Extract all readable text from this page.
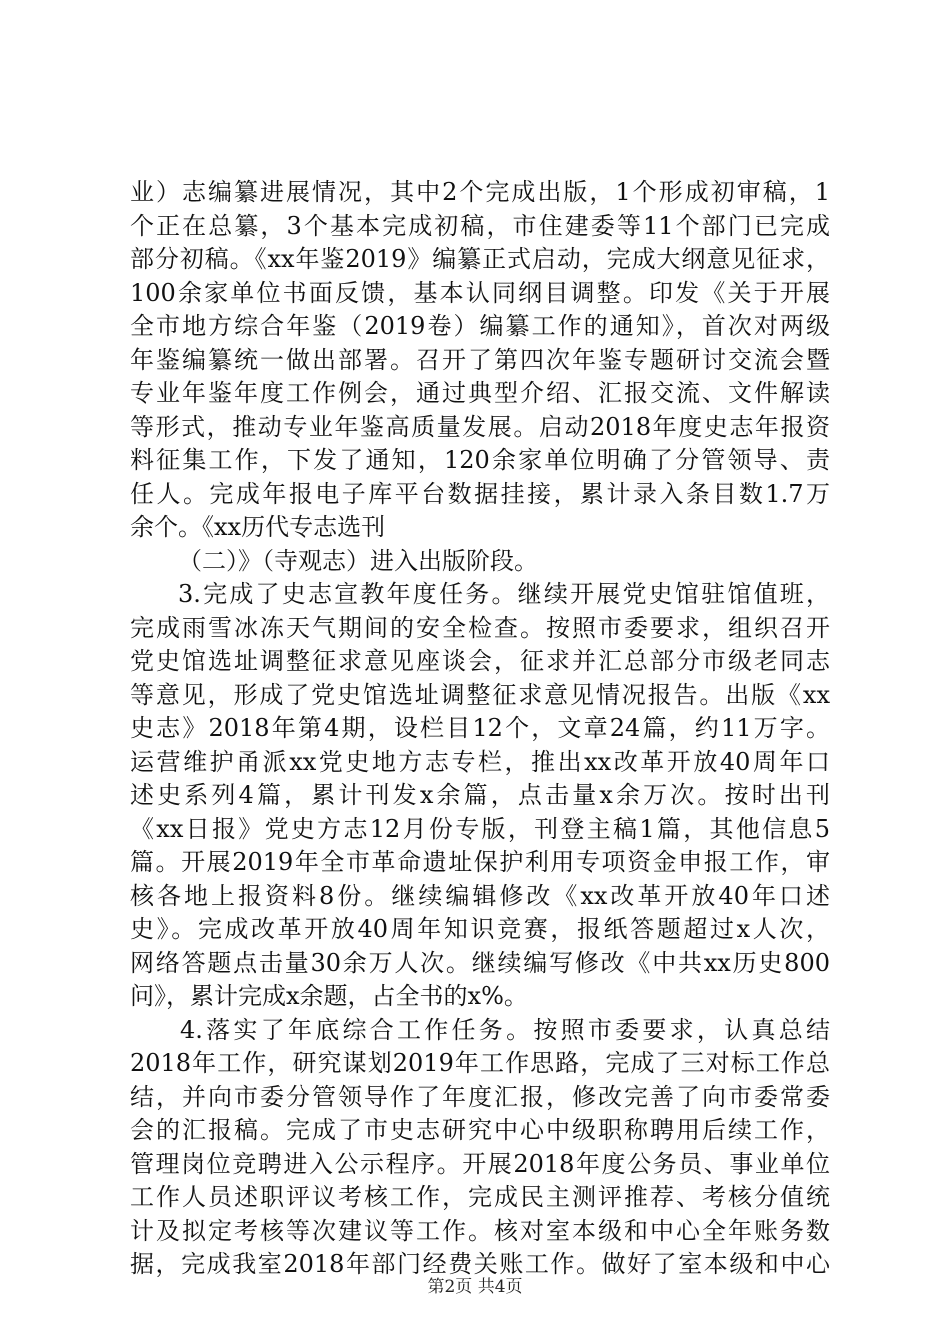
业）志编纂进展情况，其中2个完成出版，1个形成初审稿，1
个正在总纂，3个基本完成初稿，市住建委等11个部门已完成
部分初稿。《xx年鉴2019》编纂正式启动，完成大纲意见征求，
100余家单位书面反馈，基本认同纲目调整。印发《关于开展
全市地方综合年鉴（2019卷）编纂工作的通知》，首次对两级
年鉴编纂统一做出部署。召开了第四次年鉴专题研讨交流会暨
专业年鉴年度工作例会，通过典型介绍、汇报交流、文件解读
等形式，推动专业年鉴高质量发展。启动2018年度史志年报资
料征集工作，下发了通知，120余家单位明确了分管领导、责
任人。完成年报电子库平台数据挂接，累计录入条目数1.7万
余个。《xx历代专志选刊
（二）》（寺观志）进入出版阶段。
3.完成了史志宣教年度任务。继续开展党史馆驻馆值班，
完成雨雪冰冻天气期间的安全检查。按照市委要求，组织召开
党史馆选址调整征求意见座谈会，征求并汇总部分市级老同志
等意见，形成了党史馆选址调整征求意见情况报告。出版《xx
史志》2018年第4期，设栏目12个，文章24篇，约11万字。
运营维护甬派xx党史地方志专栏，推出xx改革开放40周年口
述史系列4篇，累计刊发x余篇，点击量x余万次。按时出刊
《xx日报》党史方志12月份专版，刊登主稿1篇，其他信息5
篇。开展2019年全市革命遗址保护利用专项资金申报工作，审
核各地上报资料8份。继续编辑修改《xx改革开放40年口述
史》。完成改革开放40周年知识竞赛，报纸答题超过x人次，
网络答题点击量30余万人次。继续编写修改《中共xx历史800
问》，累计完成x余题，占全书的x%。
4.落实了年底综合工作任务。按照市委要求，认真总结
2018年工作，研究谋划2019年工作思路，完成了三对标工作总
结，并向市委分管领导作了年度汇报，修改完善了向市委常委
会的汇报稿。完成了市史志研究中心中级职称聘用后续工作，
管理岗位竞聘进入公示程序。开展2018年度公务员、事业单位
工作人员述职评议考核工作，完成民主测评推荐、考核分值统
计及拟定考核等次建议等工作。核对室本级和中心全年账务数
据，完成我室2018年部门经费关账工作。做好了室本级和中心
第2页 共4页
